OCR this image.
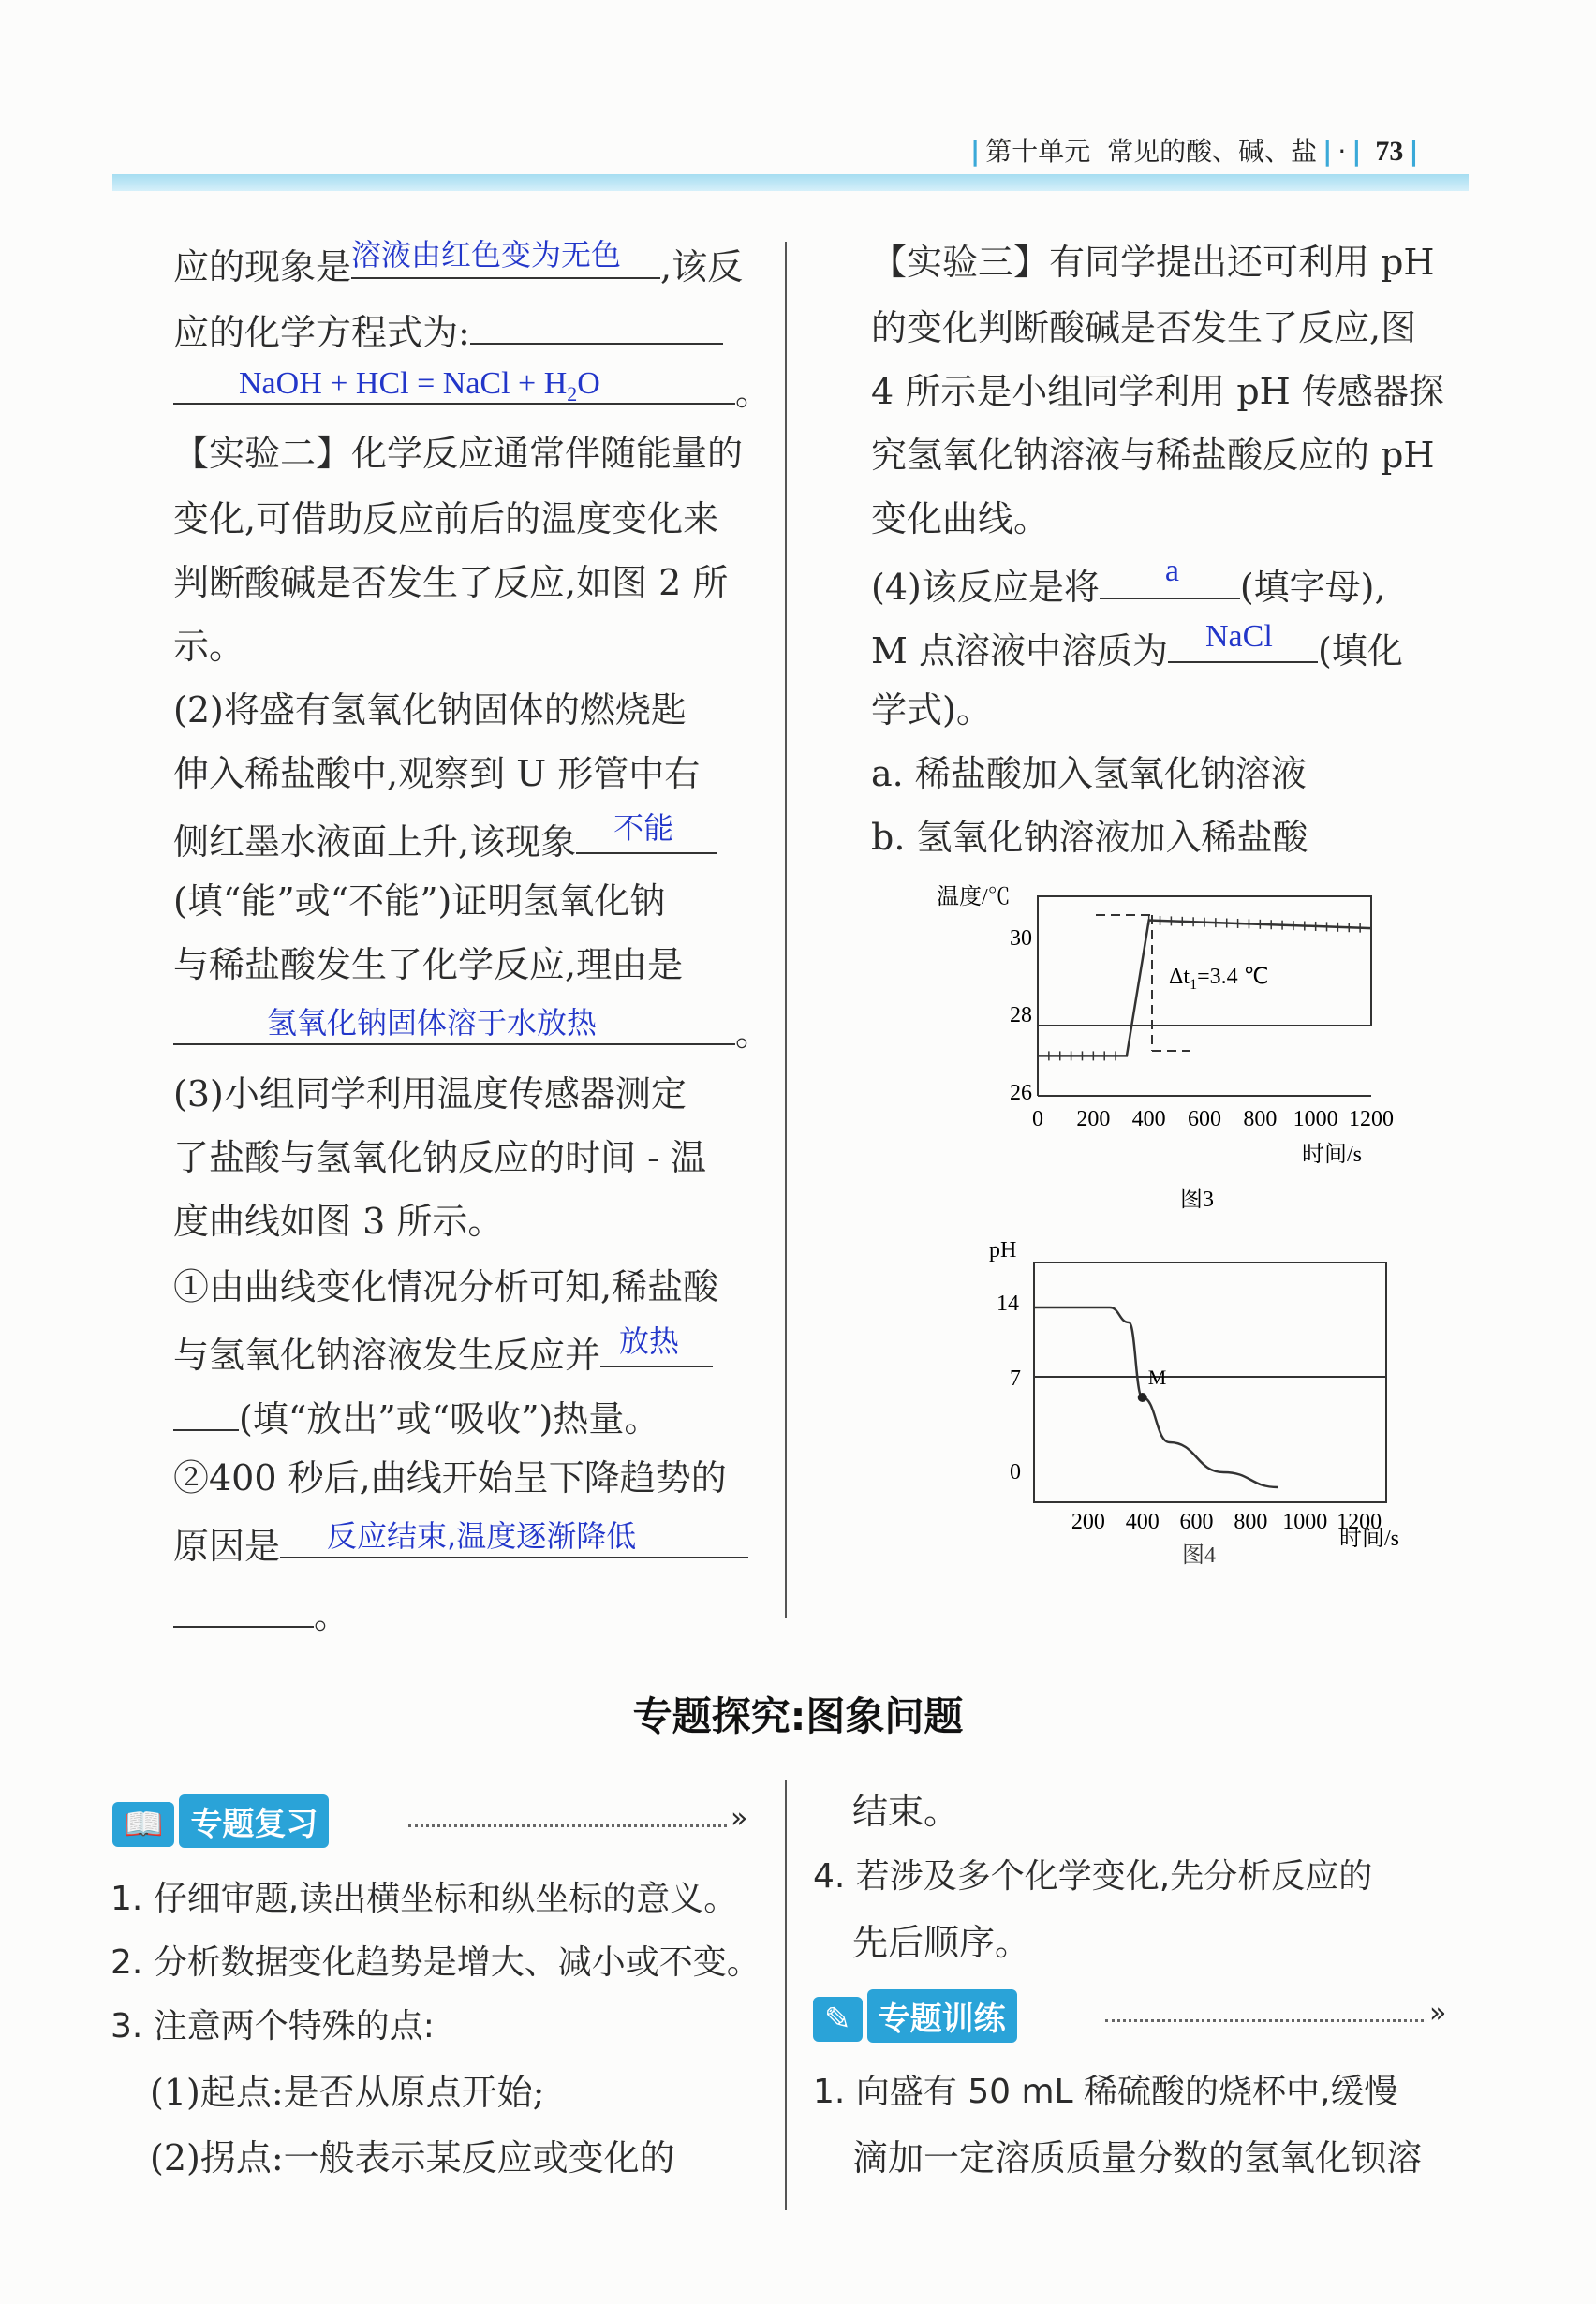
| 第十单元 常见的酸、碱、盐 | · | 73 |
应的现象是 溶液由红色变为无色 ,该反
应的化学方程式为:
NaOH + HCl = NaCl + $H_2O$	。
【实验二】化学反应通常伴随能量的
变化,可借助反应前后的温度变化来
判断酸碱是否发生了反应,如图 2 所
示。
(2)将盛有氢氧化钠固体的燃烧匙
伸入稀盐酸中,观察到 U 形管中右
侧红墨水液面上升,该现象 不能
(填“能”或“不能”)证明氢氧化钠
与稀盐酸发生了化学反应,理由是
氢氧化钠固体溶于水放热	。
(3)小组同学利用温度传感器测定
了盐酸与氢氧化钠反应的时间 - 温
度曲线如图 3 所示。
①由曲线变化情况分析可知,稀盐酸
与氢氧化钠溶液发生反应并 放热
(填“放出”或“吸收”)热量。
②400 秒后,曲线开始呈下降趋势的
原因是 反应结束,温度逐渐降低
。
【实验三】有同学提出还可利用 pH
的变化判断酸碱是否发生了反应,图
4 所示是小组同学利用 pH 传感器探
究氢氧化钠溶液与稀盐酸反应的 pH
变化曲线。
(4)该反应是将 a (填字母),
M 点溶液中溶质为 NaCl (填化
学式)。
a. 稀盐酸加入氢氧化钠溶液
b. 氢氧化钠溶液加入稀盐酸
温度/℃
30
28
26
0 200 400 600 800 1000 1200
$\Delta t_1=3.4$ ℃
时间/s
图3
pH
14
7
0
200 400 600 800 1000 1200
M
时间/s
图4
专题探究:图象问题
📖 专题复习	»
1. 仔细审题,读出横坐标和纵坐标的意义。
2. 分析数据变化趋势是增大、减小或不变。
3. 注意两个特殊的点:
(1)起点:是否从原点开始;
(2)拐点:一般表示某反应或变化的
结束。
4. 若涉及多个化学变化,先分析反应的
先后顺序。
✎ 专题训练	»
1. 向盛有 50 mL 稀硫酸的烧杯中,缓慢
滴加一定溶质质量分数的氢氧化钡溶
